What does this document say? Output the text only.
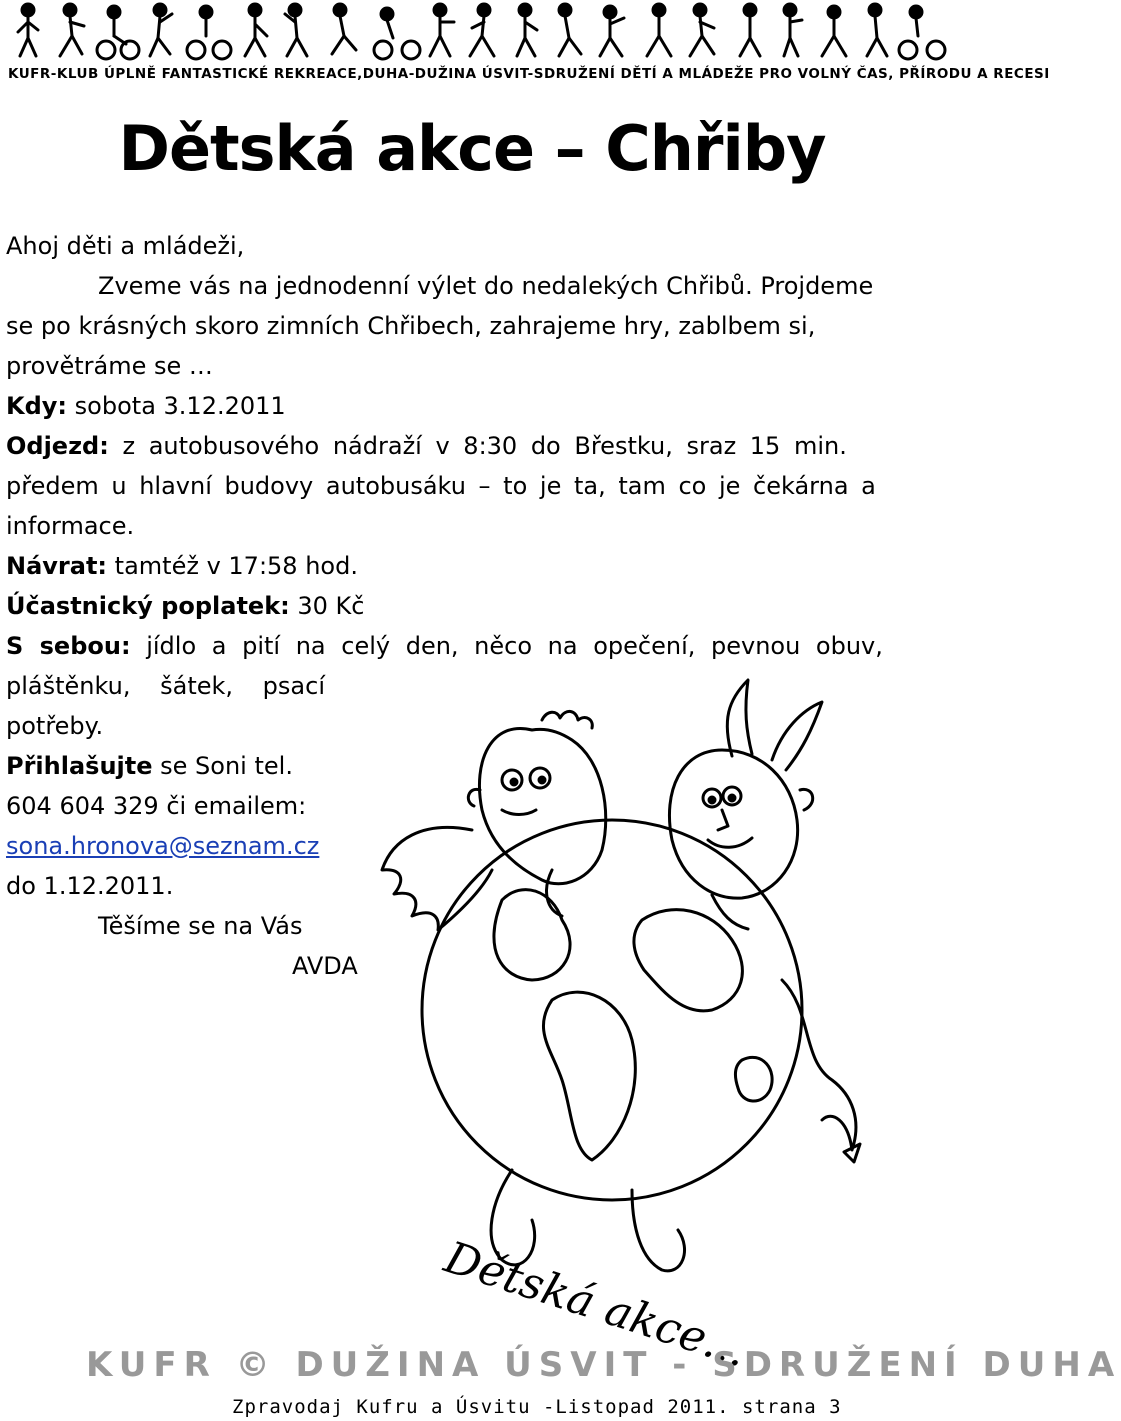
KUFR-KLUB ÚPLNĚ FANTASTICKÉ REKREACE,DUHA-DUŽINA ÚSVIT-SDRUŽENÍ DĚTÍ A MLÁDEŽE PRO VOLNÝ ČAS, PŘÍRODU A RECESI
Dětská akce – Chřiby
Ahoj děti a mládeži,
Zveme vás na jednodenní výlet do nedalekých Chřibů. Projdeme
se po krásných skoro zimních Chřibech, zahrajeme hry, zablbem si,
provětráme se …
Kdy: sobota 3.12.2011
Odjezd: z autobusového nádraží v 8:30 do Břestku, sraz 15 min.
předem u hlavní budovy autobusáku – to je ta, tam co je čekárna a
informace.
Návrat: tamtéž v 17:58 hod.
Účastnický poplatek: 30 Kč
S sebou: jídlo a pití na celý den, něco na opečení, pevnou obuv,
pláštěnku, šátek, psací
potřeby.
Přihlašujte se Soni tel.
604 604 329 či emailem:
sona.hronova@seznam.cz
do 1.12.2011.
Těšíme se na Vás
AVDA
Dětská akce...
KUFR © DUŽINA ÚSVIT - SDRUŽENÍ DUHA
Zpravodaj Kufru a Úsvitu -Listopad 2011. strana 3
